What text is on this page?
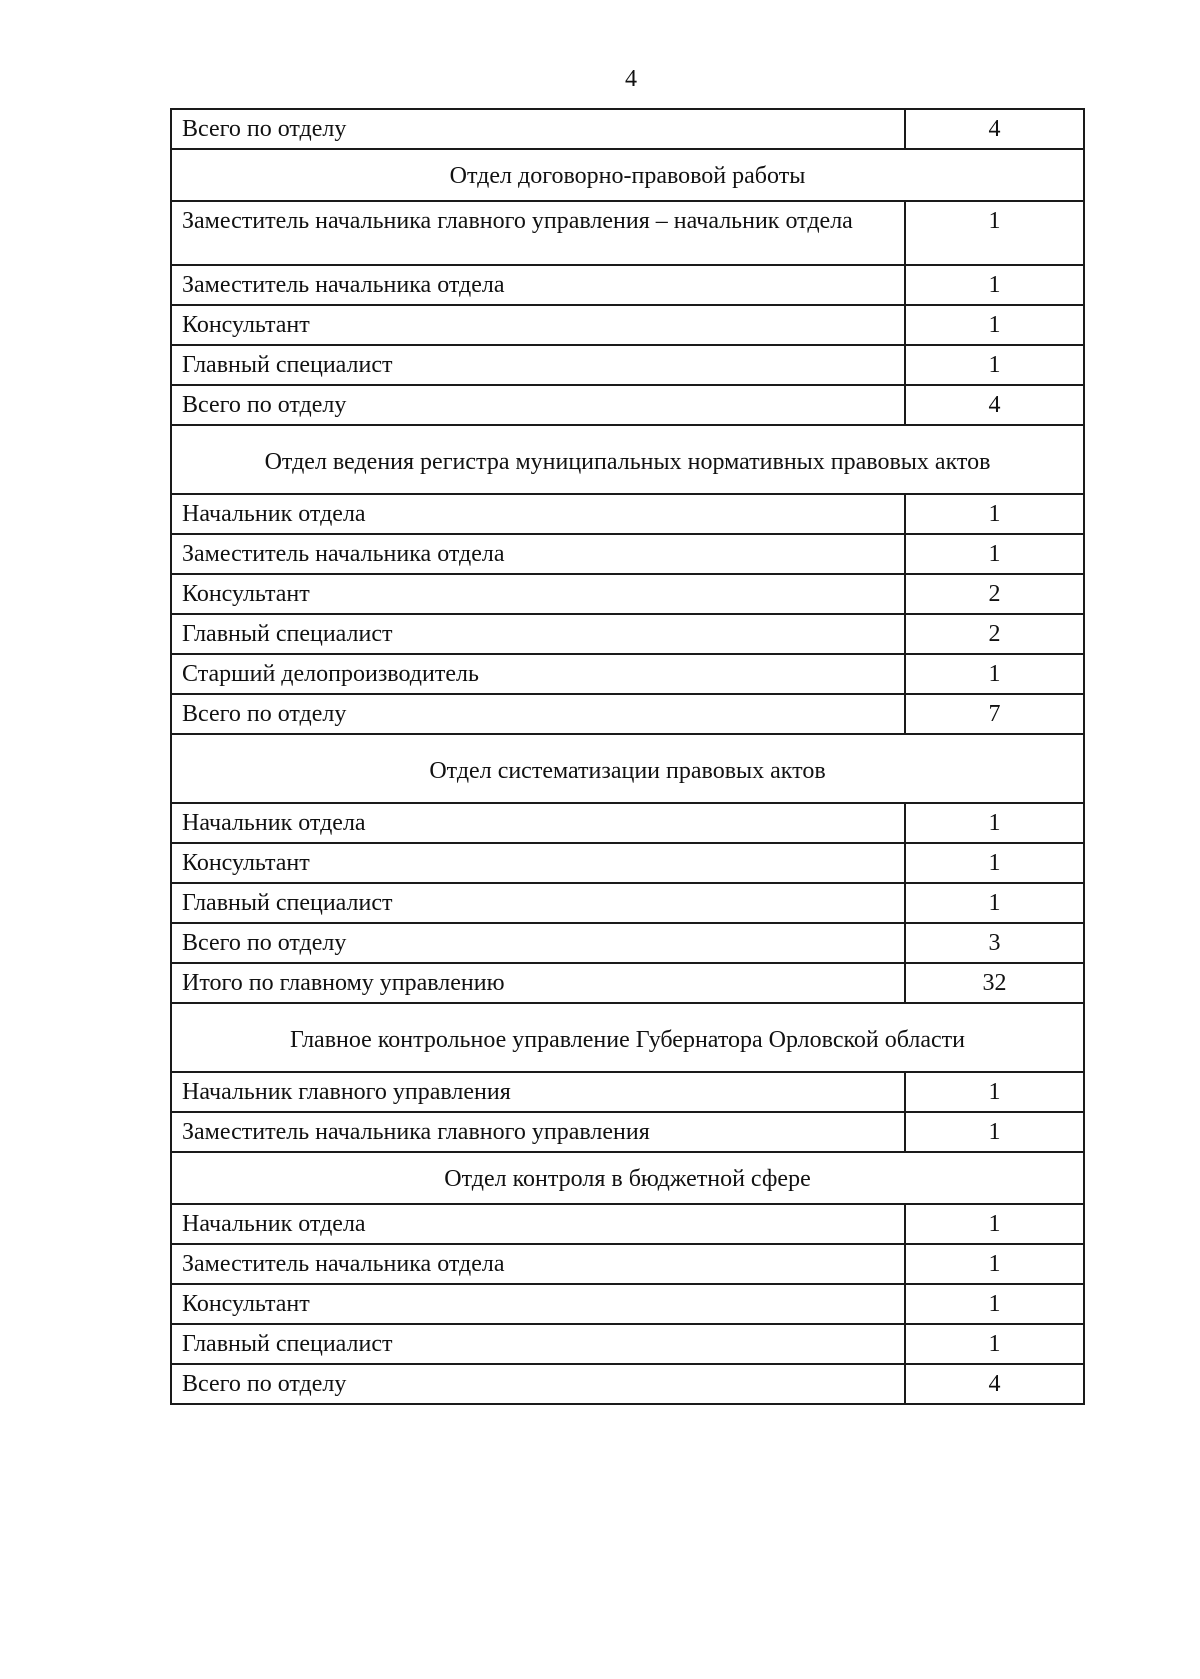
4
Всего по отделу	4
Отдел договорно-правовой работы	
Заместитель начальника главного управления – начальник отдела	1
Заместитель начальника отдела	1
Консультант	1
Главный специалист	1
Всего по отделу	4
Отдел ведения регистра муниципальных нормативных правовых актов	
Начальник отдела	1
Заместитель начальника отдела	1
Консультант	2
Главный специалист	2
Старший делопроизводитель	1
Всего по отделу	7
Отдел систематизации правовых актов	
Начальник отдела	1
Консультант	1
Главный специалист	1
Всего по отделу	3
Итого по главному управлению	32
Главное контрольное управление Губернатора Орловской области	
Начальник главного управления	1
Заместитель начальника главного управления	1
Отдел контроля в бюджетной сфере	
Начальник отдела	1
Заместитель начальника отдела	1
Консультант	1
Главный специалист	1
Всего по отделу	4
